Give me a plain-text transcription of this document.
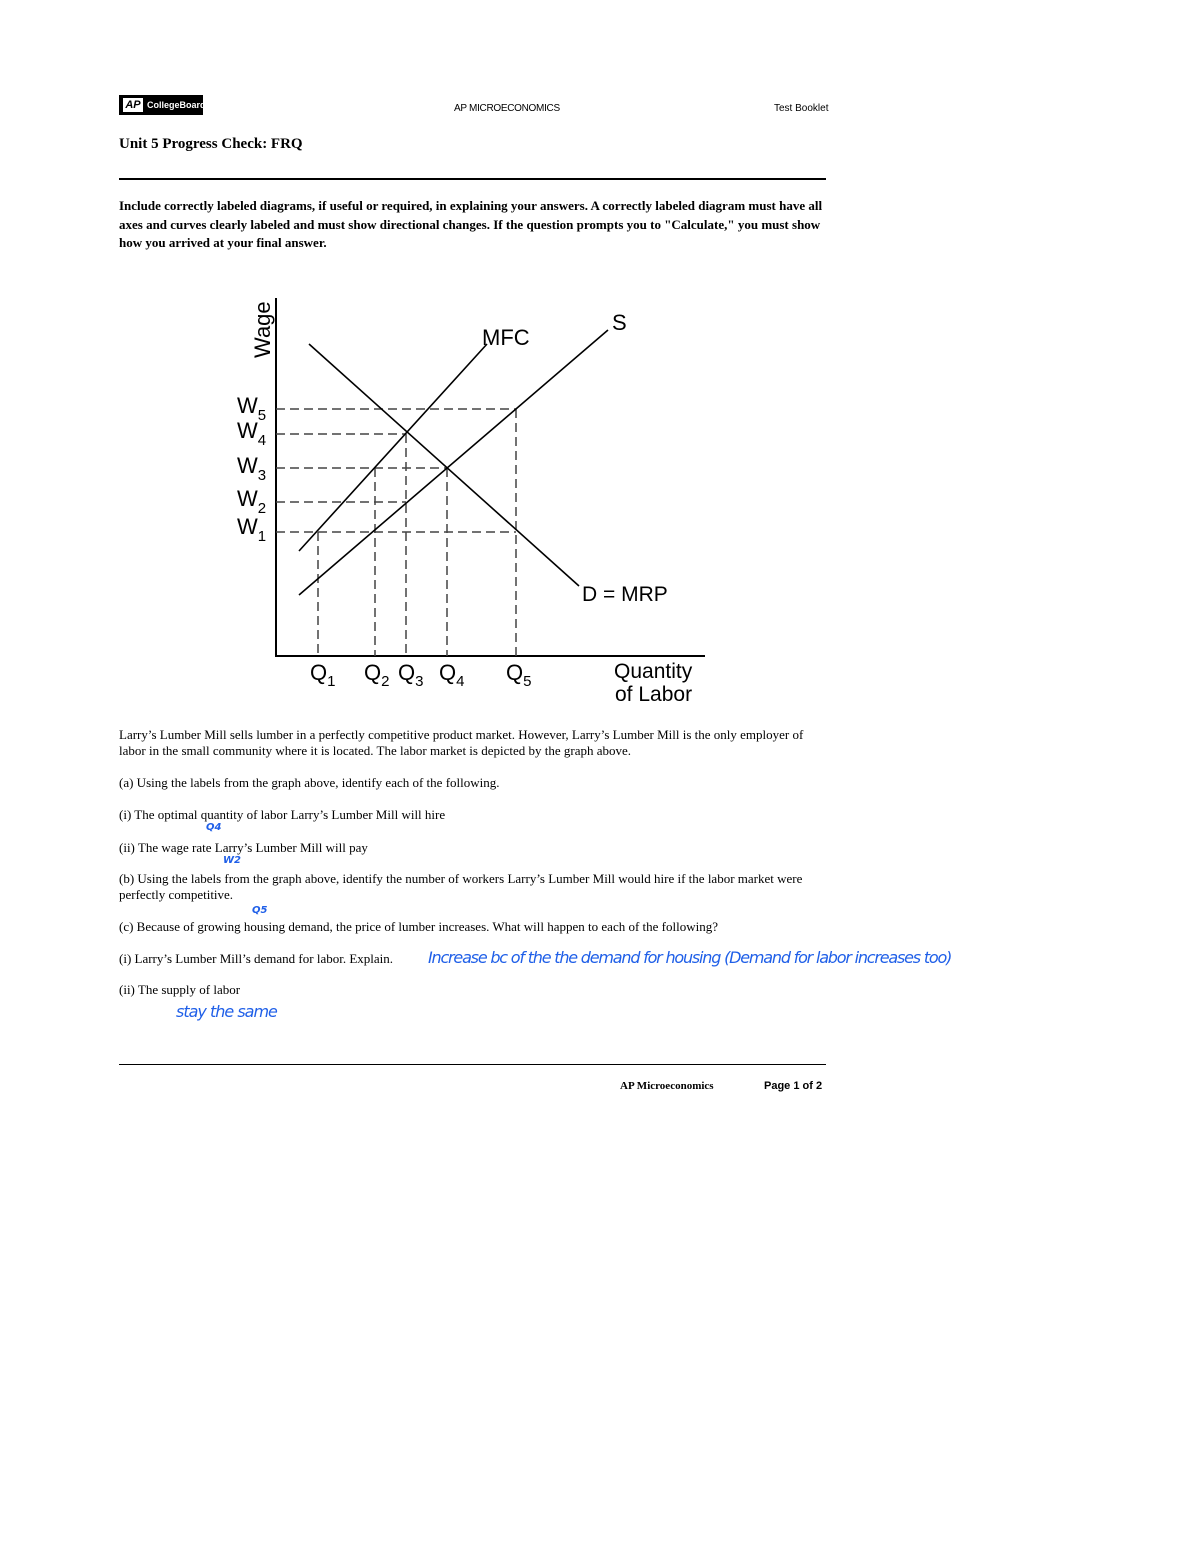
AP CollegeBoard	AP MICROECONOMICS	Test Booklet
Unit 5 Progress Check: FRQ
Include correctly labeled diagrams, if useful or required, in explaining your answers. A correctly labeled diagram must have all axes and curves clearly labeled and must show directional changes. If the question prompts you to "Calculate," you must show how you arrived at your final answer.
Wage	MFC
S
D = MRP
$W_5$
$W_4$
$W_3$
$W_2$
$W_1$
$Q_1$ $Q_2$ $Q_3$ $Q_4$ $Q_5$	Quantity
of Labor
Larry’s Lumber Mill sells lumber in a perfectly competitive product market. However, Larry’s Lumber Mill is the only employer of labor in the small community where it is located. The labor market is depicted by the graph above.
(a) Using the labels from the graph above, identify each of the following.
(i) The optimal quantity of labor Larry’s Lumber Mill will hire
Q4
(ii) The wage rate Larry’s Lumber Mill will pay
W2
(b) Using the labels from the graph above, identify the number of workers Larry’s Lumber Mill would hire if the labor market were perfectly competitive.
Q5
(c) Because of growing housing demand, the price of lumber increases. What will happen to each of the following?
(i) Larry’s Lumber Mill’s demand for labor. Explain.	Increase bc of the the demand for housing (Demand for labor increases too)
(ii) The supply of labor
stay the same
AP Microeconomics	Page 1 of 2
